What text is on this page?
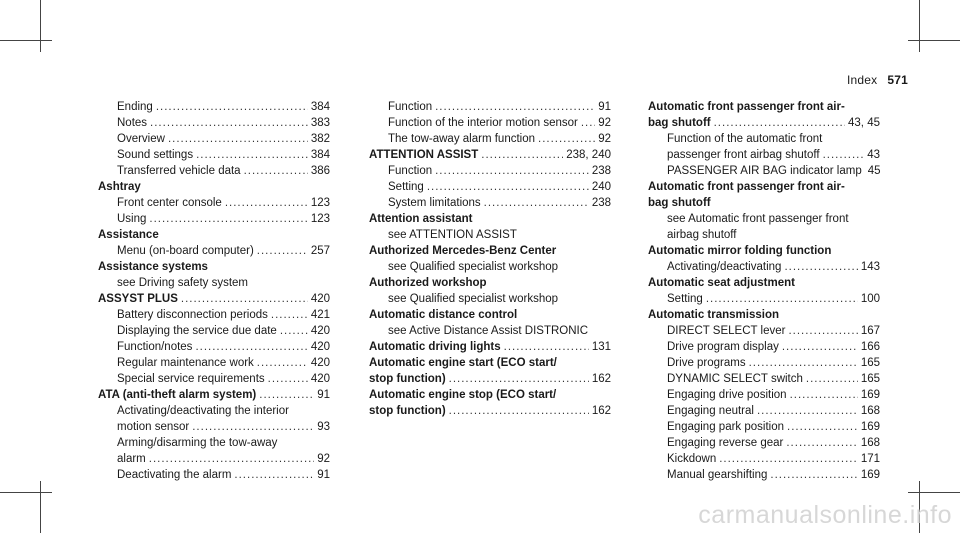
Index 571
Ending .....	384
Notes .....	383
Overview .....	382
Sound settings .....	384
Transferred vehicle data .....	386
Ashtray
Front center console .....	123
Using .....	123
Assistance
Menu (on-board computer) .....	257
Assistance systems
see Driving safety system
ASSYST PLUS .....	420
Battery disconnection periods .....	421
Displaying the service due date .....	420
Function/notes .....	420
Regular maintenance work .....	420
Special service requirements .....	420
ATA (anti-theft alarm system) .....	91
Activating/deactivating the interior
motion sensor .....	93
Arming/disarming the tow-away
alarm .....	92
Deactivating the alarm .....	91
Function .....	91
Function of the interior motion sensor ..... 92
The tow-away alarm function .....	92
ATTENTION ASSIST .....	238, 240
Function .....	238
Setting .....	240
System limitations .....	238
Attention assistant
see ATTENTION ASSIST
Authorized Mercedes-Benz Center
see Qualified specialist workshop
Authorized workshop
see Qualified specialist workshop
Automatic distance control
see Active Distance Assist DISTRONIC
Automatic driving lights .....	131
Automatic engine start (ECO start/
stop function) .....	162
Automatic engine stop (ECO start/
stop function) .....	162
Automatic front passenger front air-
bag shutoff .....	43, 45
Function of the automatic front
passenger front airbag shutoff .....	43
PASSENGER AIR BAG indicator lamp 45
Automatic front passenger front air-
bag shutoff
see Automatic front passenger front
airbag shutoff
Automatic mirror folding function
Activating/deactivating .....	143
Automatic seat adjustment
Setting .....	100
Automatic transmission
DIRECT SELECT lever .....	167
Drive program display .....	166
Drive programs .....	165
DYNAMIC SELECT switch .....	165
Engaging drive position .....	169
Engaging neutral .....	168
Engaging park position .....	169
Engaging reverse gear .....	168
Kickdown .....	171
Manual gearshifting .....	169
carmanualsonline.info
